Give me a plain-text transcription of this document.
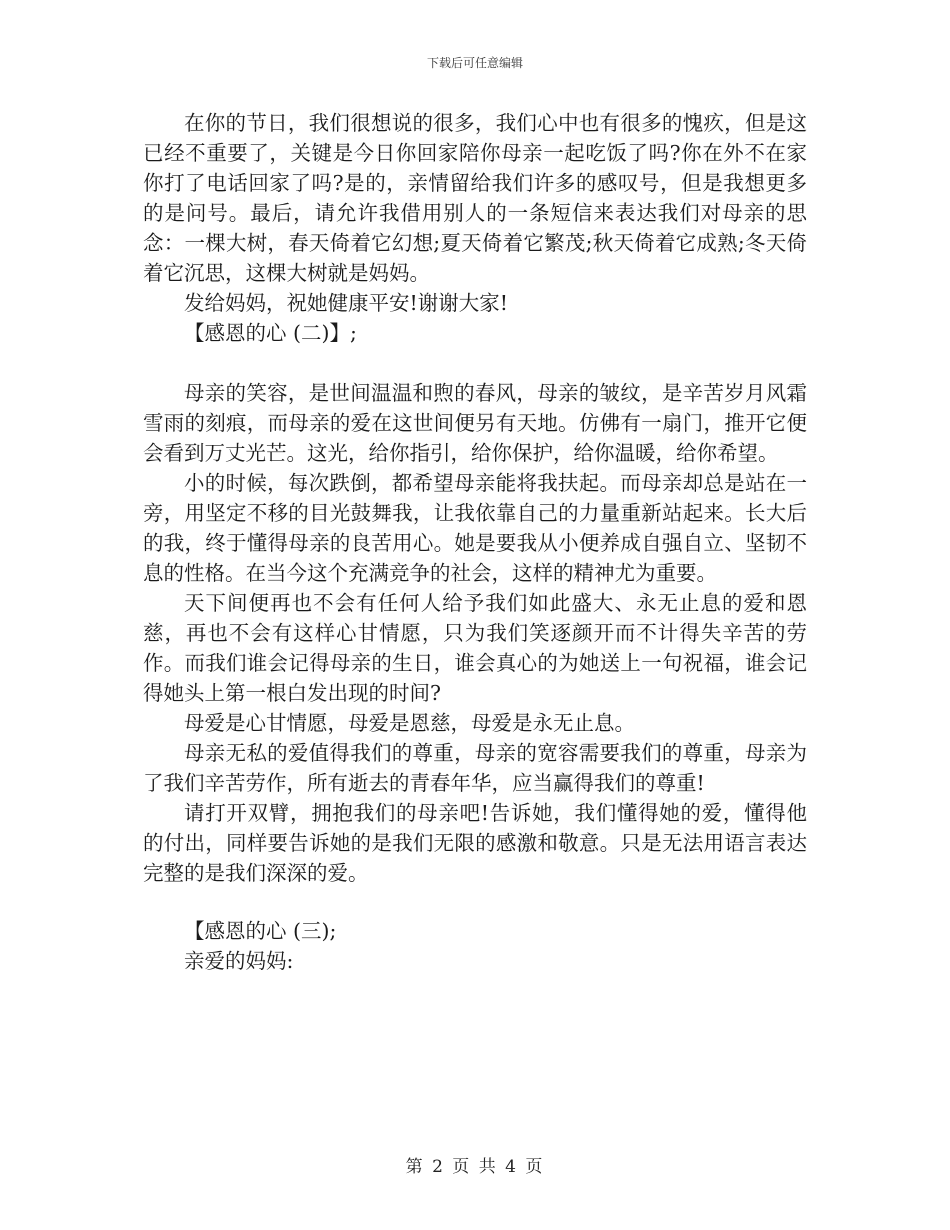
下载后可任意编辑

在你的节日，我们很想说的很多，我们心中也有很多的愧疚，但是这已经不重要了，关键是今日你回家陪你母亲一起吃饭了吗?你在外不在家你打了电话回家了吗?是的，亲情留给我们许多的感叹号，但是我想更多的是问号。最后，请允许我借用别人的一条短信来表达我们对母亲的思念：一棵大树，春天倚着它幻想;夏天倚着它繁茂;秋天倚着它成熟;冬天倚着它沉思，这棵大树就是妈妈。

发给妈妈，祝她健康平安!谢谢大家!

【感恩的心 (二)】;

母亲的笑容，是世间温温和煦的春风，母亲的皱纹，是辛苦岁月风霜雪雨的刻痕，而母亲的爱在这世间便另有天地。仿佛有一扇门，推开它便会看到万丈光芒。这光，给你指引，给你保护，给你温暖，给你希望。

小的时候，每次跌倒，都希望母亲能将我扶起。而母亲却总是站在一旁，用坚定不移的目光鼓舞我，让我依靠自己的力量重新站起来。长大后的我，终于懂得母亲的良苦用心。她是要我从小便养成自强自立、坚韧不息的性格。在当今这个充满竞争的社会，这样的精神尤为重要。

天下间便再也不会有任何人给予我们如此盛大、永无止息的爱和恩慈，再也不会有这样心甘情愿，只为我们笑逐颜开而不计得失辛苦的劳作。而我们谁会记得母亲的生日，谁会真心的为她送上一句祝福，谁会记得她头上第一根白发出现的时间?

母爱是心甘情愿，母爱是恩慈，母爱是永无止息。

母亲无私的爱值得我们的尊重，母亲的宽容需要我们的尊重，母亲为了我们辛苦劳作，所有逝去的青春年华，应当赢得我们的尊重!

请打开双臂，拥抱我们的母亲吧!告诉她，我们懂得她的爱，懂得他的付出，同样要告诉她的是我们无限的感激和敬意。只是无法用语言表达完整的是我们深深的爱。

【感恩的心 (三);

亲爱的妈妈:

第 2 页 共 4 页
